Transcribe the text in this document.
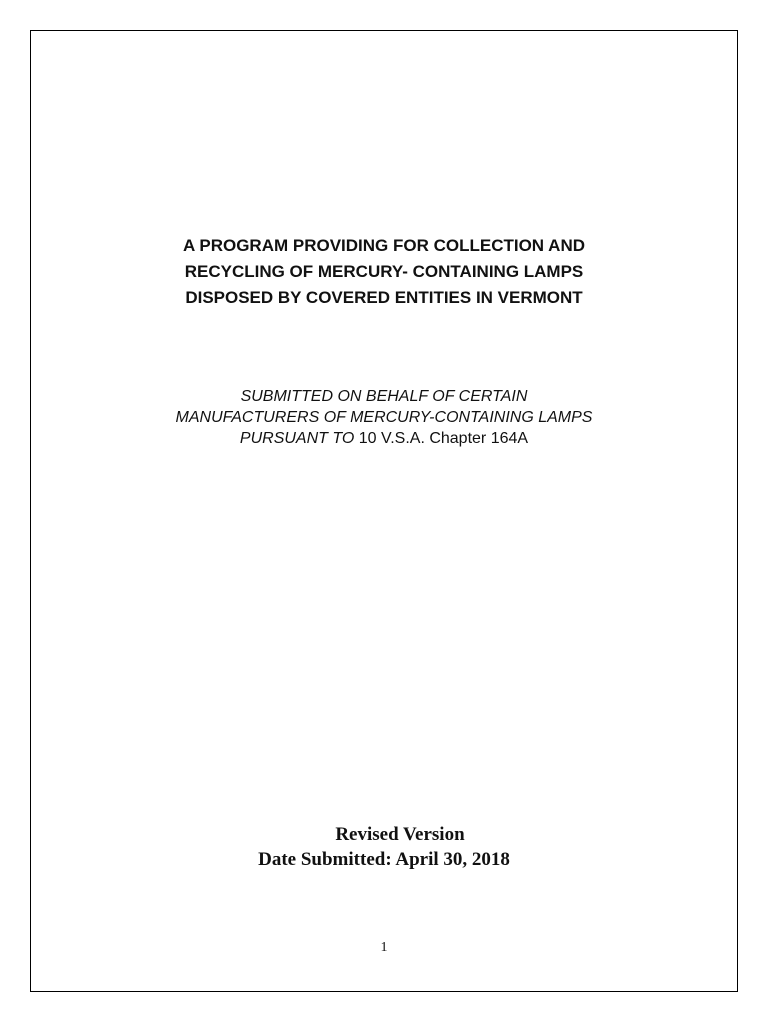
A PROGRAM PROVIDING FOR COLLECTION AND
RECYCLING OF MERCURY- CONTAINING LAMPS
DISPOSED BY COVERED ENTITIES IN VERMONT
SUBMITTED ON BEHALF OF CERTAIN
MANUFACTURERS OF MERCURY-CONTAINING LAMPS
PURSUANT TO 10 V.S.A. Chapter 164A
Revised Version
Date Submitted: April 30, 2018
1
